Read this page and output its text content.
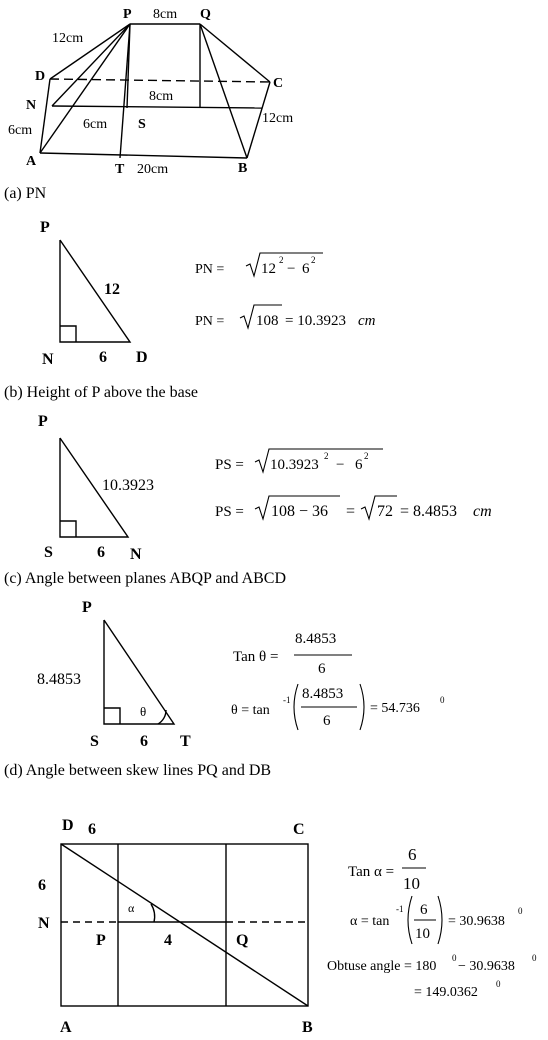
P	Q
D	C
N
A	B
S
T
8cm
12cm
8cm
6cm	6cm	12cm
20cm
(a) PN
P
N	D
12
6
PN = 12
2
− 6
2
PN = 108 = 10.3923 cm
(b) Height of P above the base
P
S	N
10.3923
6
PS = 10.3923
2
− 6
2
PS = 108 − 36 = 72 = 8.4853 cm
(c) Angle between planes ABQP and ABCD
P
S	T
8.4853
6
θ
Tan θ =
8.4853
6
θ = tan
-1 8.4853
6
= 54.736
0
(d) Angle between skew lines PQ and DB
D 6	C
6
N
P	4	Q
α
A	B
Tan α =
6
10
α = tan
-1 6
10
= 30.9638
0
Obtuse angle = 180
0
− 30.9638
0
= 149.0362
0
